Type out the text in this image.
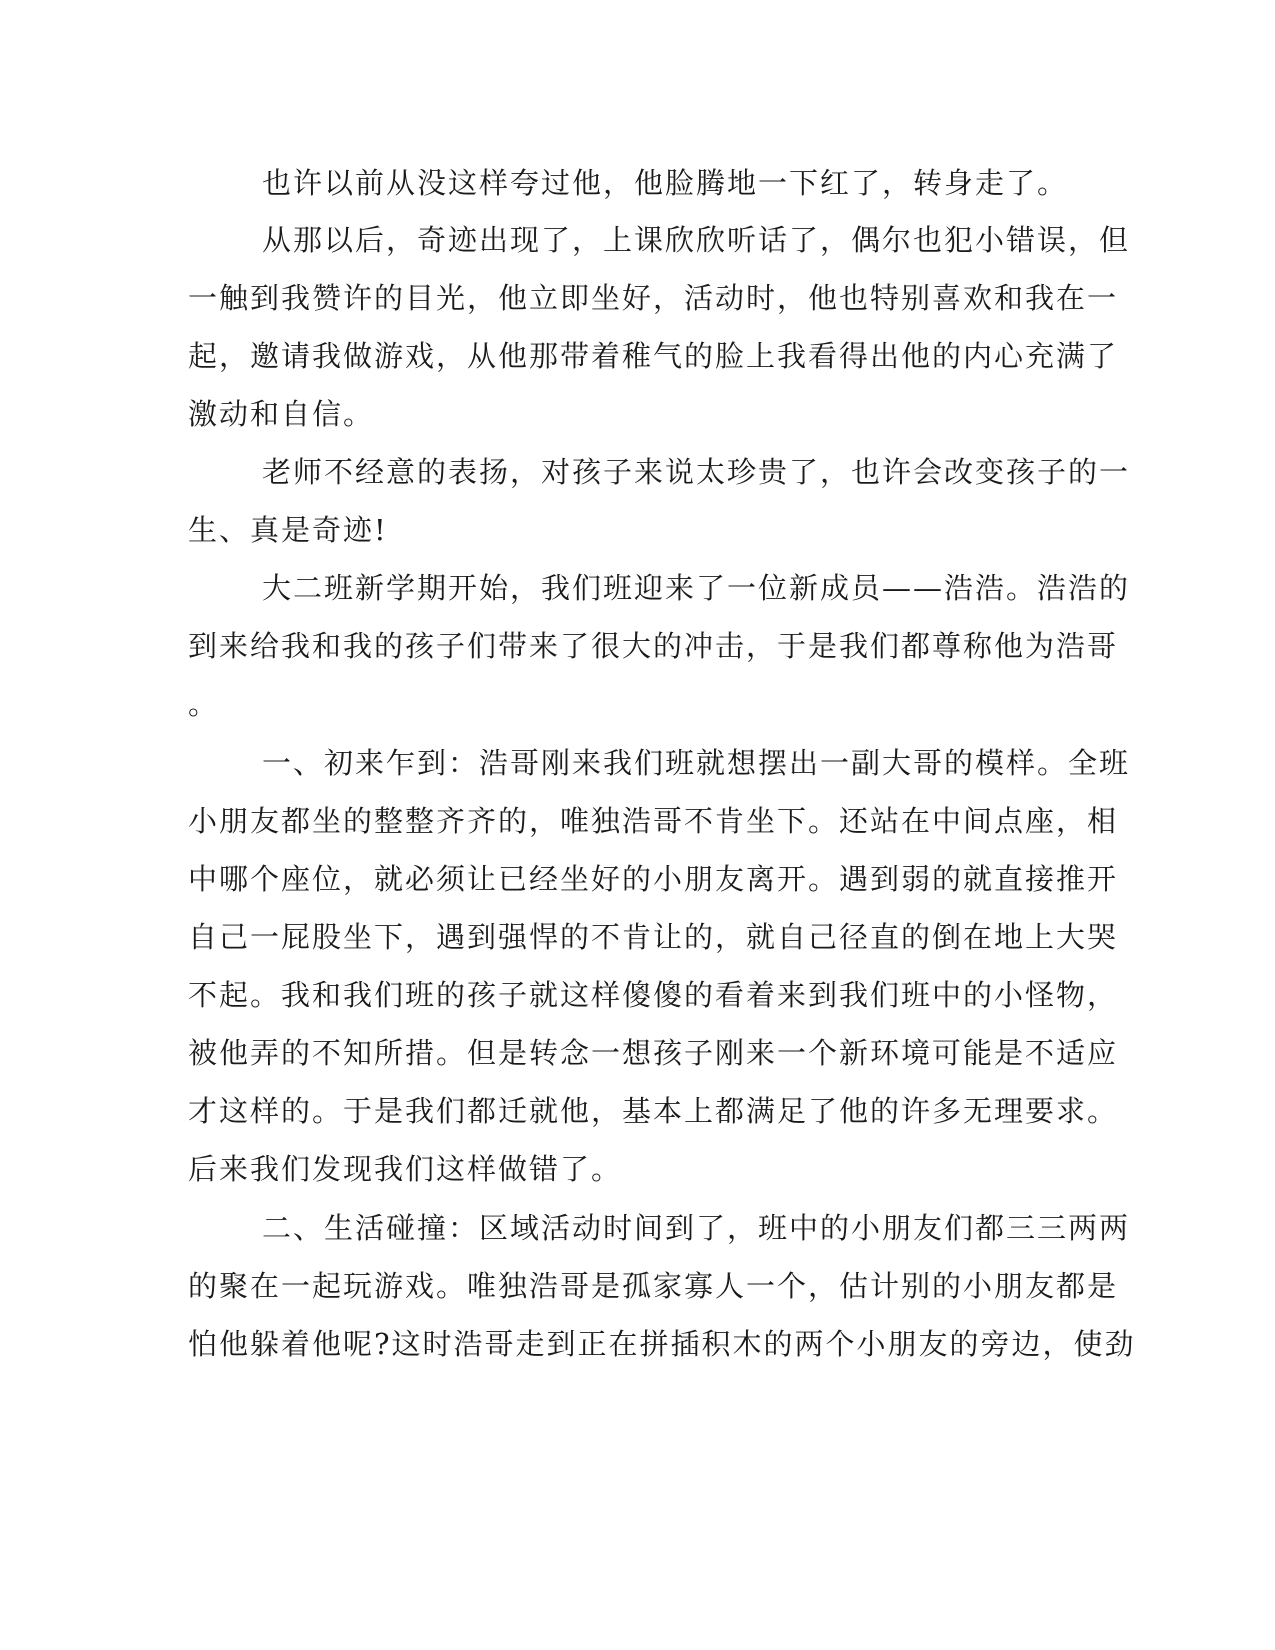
也许以前从没这样夸过他，他脸腾地一下红了，转身走了。
从那以后，奇迹出现了，上课欣欣听话了，偶尔也犯小错误，但
一触到我赞许的目光，他立即坐好，活动时，他也特别喜欢和我在一
起，邀请我做游戏，从他那带着稚气的脸上我看得出他的内心充满了
激动和自信。
老师不经意的表扬，对孩子来说太珍贵了，也许会改变孩子的一
生、真是奇迹!
大二班新学期开始，我们班迎来了一位新成员——浩浩。浩浩的
到来给我和我的孩子们带来了很大的冲击，于是我们都尊称他为浩哥
。
一、初来乍到：浩哥刚来我们班就想摆出一副大哥的模样。全班
小朋友都坐的整整齐齐的，唯独浩哥不肯坐下。还站在中间点座，相
中哪个座位，就必须让已经坐好的小朋友离开。遇到弱的就直接推开
自己一屁股坐下，遇到强悍的不肯让的，就自己径直的倒在地上大哭
不起。我和我们班的孩子就这样傻傻的看着来到我们班中的小怪物，
被他弄的不知所措。但是转念一想孩子刚来一个新环境可能是不适应
才这样的。于是我们都迁就他，基本上都满足了他的许多无理要求。
后来我们发现我们这样做错了。
二、生活碰撞：区域活动时间到了，班中的小朋友们都三三两两
的聚在一起玩游戏。唯独浩哥是孤家寡人一个，估计别的小朋友都是
怕他躲着他呢?这时浩哥走到正在拼插积木的两个小朋友的旁边，使劲
